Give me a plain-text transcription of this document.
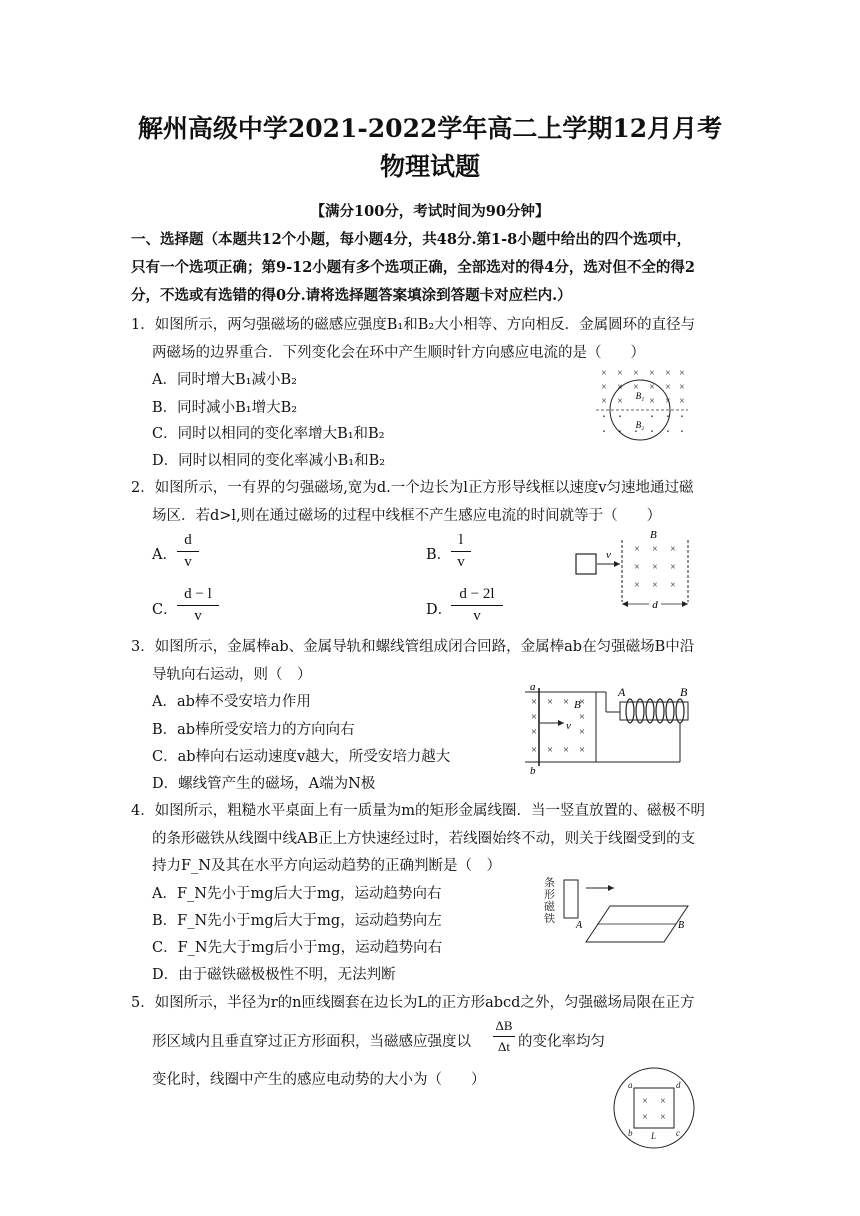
解州高级中学2021-2022学年高二上学期12月月考
物理试题
【满分100分，考试时间为90分钟】
一、选择题（本题共12个小题，每小题4分，共48分.第1-8小题中给出的四个选项中，
只有一个选项正确；第9-12小题有多个选项正确，全部选对的得4分，选对但不全的得2
分，不选或有选错的得0分.请将选择题答案填涂到答题卡对应栏内.）
1．如图所示，两匀强磁场的磁感应强度B₁和B₂大小相等、方向相反．金属圆环的直径与
两磁场的边界重合．下列变化会在环中产生顺时针方向感应电流的是（　　）
A．同时增大B₁减小B₂
B．同时减小B₁增大B₂
C．同时以相同的变化率增大B₁和B₂
D．同时以相同的变化率减小B₁和B₂
× × × × × ×
× × × × × ×
× ×	× × ×
· · · · ·
· · · · · ·
B₁
B₂
2．如图所示，一有界的匀强磁场,宽为d.一个边长为l正方形导线框以速度v匀速地通过磁
场区．若d>l,则在通过磁场的过程中线框不产生感应电流的时间就等于（　　）
A． $\frac{d}{v}$	B． $\frac{l}{v}$
C． $\frac{d - l}{v}$	D．
$\frac{d - 2l}{v}$
v
B
× × ×
× × ×
× × ×
d
3．如图所示，金属棒ab、金属导轨和螺线管组成闭合回路，金属棒ab在匀强磁场B中沿
导轨向右运动，则（　）
A．ab棒不受安培力作用
B．ab棒所受安培力的方向向右
C．ab棒向右运动速度v越大，所受安培力越大
D．螺线管产生的磁场，A端为N极
a
b
× × × ×
×	×
×	×
× × × ×
B
v
A	B
4．如图所示，粗糙水平桌面上有一质量为m的矩形金属线圈．当一竖直放置的、磁极不明
的条形磁铁从线圈中线AB正上方快速经过时，若线圈始终不动，则关于线圈受到的支
持力F_N及其在水平方向运动趋势的正确判断是（　）
A．F_N先小于mg后大于mg，运动趋势向右
B．F_N先小于mg后大于mg，运动趋势向左
C．F_N先大于mg后小于mg，运动趋势向右
D．由于磁铁磁极极性不明，无法判断
条
形
磁
铁
A	B
5．如图所示，半径为r的n匝线圈套在边长为L的正方形abcd之外，匀强磁场局限在正方
形区域内且垂直穿过正方形面积，当磁感应强度以 $\frac{\Delta B}{\Delta t}$ 的变化率均匀
变化时，线圈中产生的感应电动势的大小为（　　）
× ×
× ×
a	d
b	c
L
